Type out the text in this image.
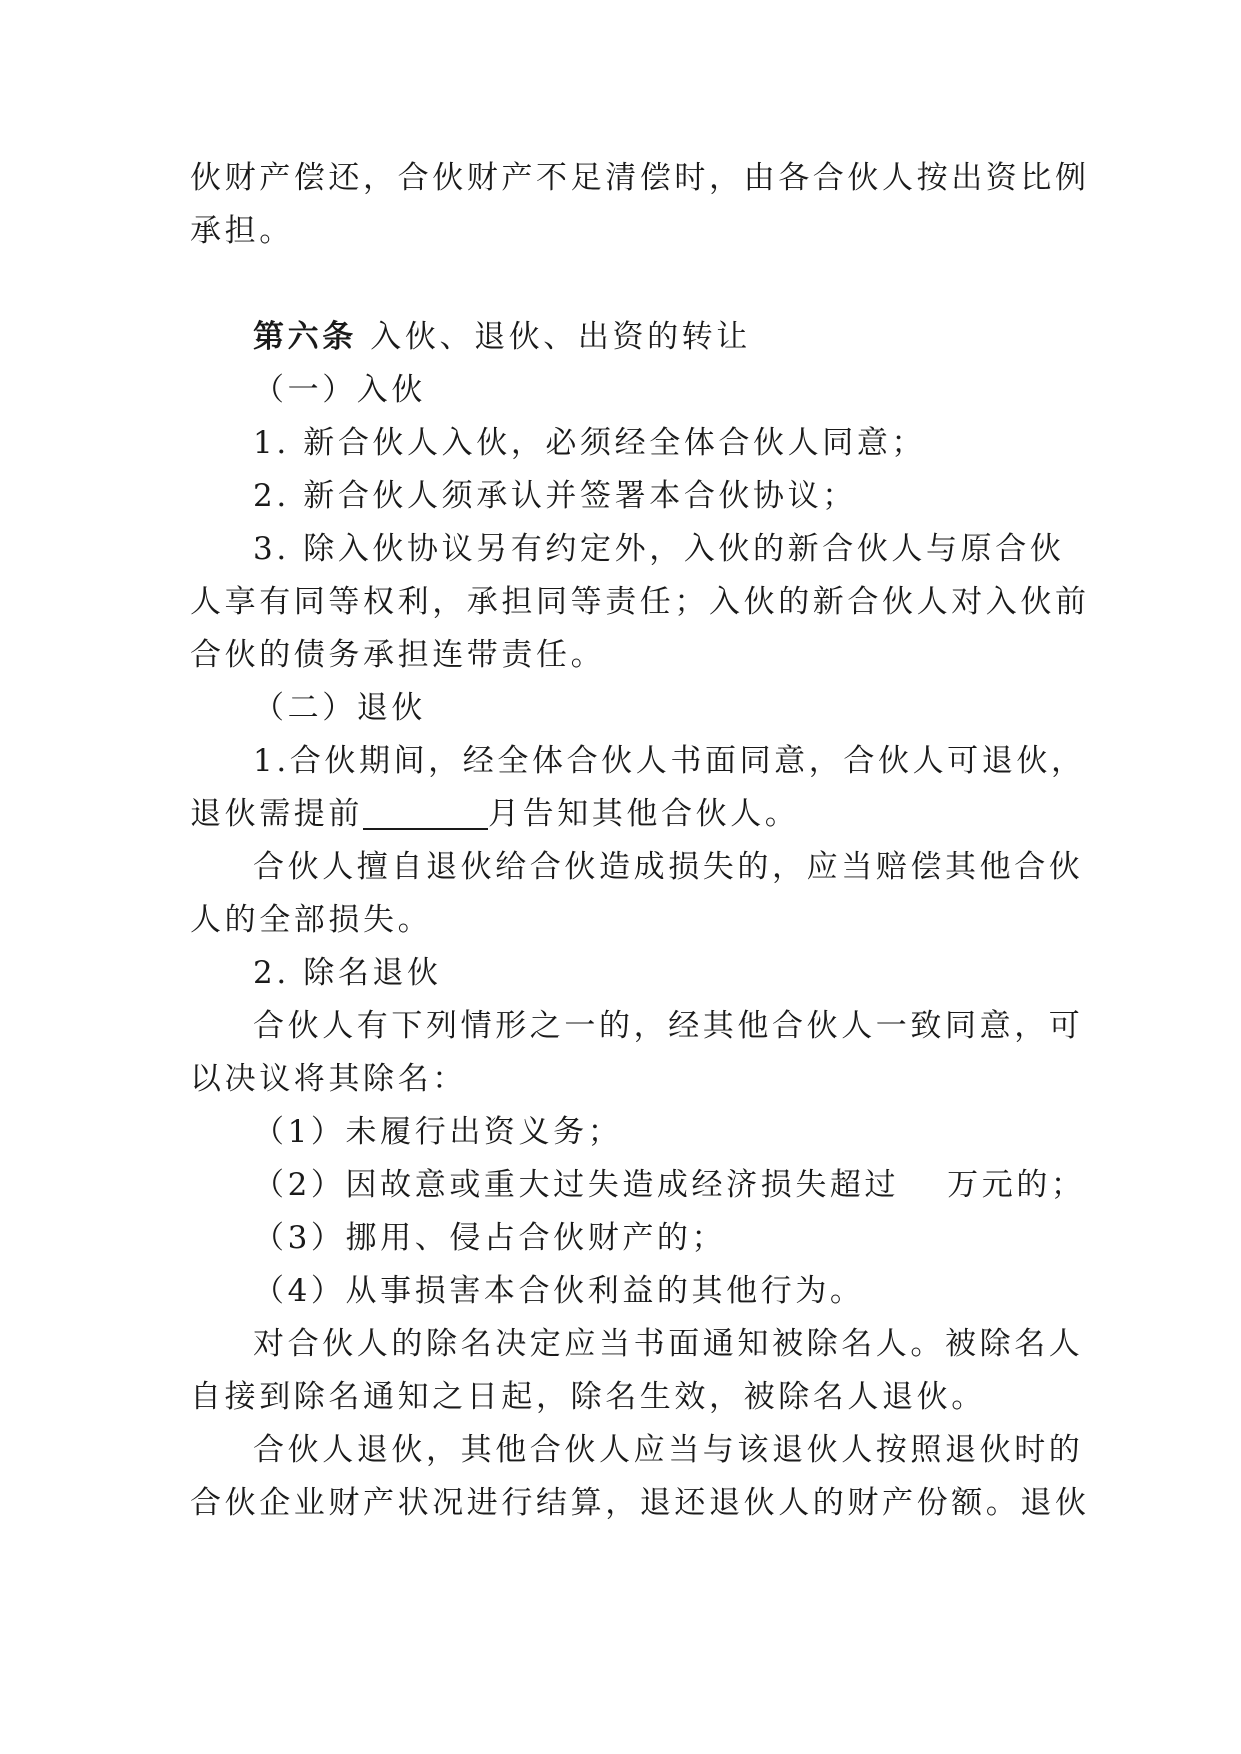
伙财产偿还，合伙财产不足清偿时，由各合伙人按出资比例

承担。

第六条 入伙、退伙、出资的转让

（一）入伙

1. 新合伙人入伙，必须经全体合伙人同意；

2. 新合伙人须承认并签署本合伙协议；

3. 除入伙协议另有约定外，入伙的新合伙人与原合伙

人享有同等权利，承担同等责任；入伙的新合伙人对入伙前

合伙的债务承担连带责任。

（二）退伙

1.合伙期间，经全体合伙人书面同意，合伙人可退伙，

退伙需提前	月告知其他合伙人。

合伙人擅自退伙给合伙造成损失的，应当赔偿其他合伙

人的全部损失。

2. 除名退伙

合伙人有下列情形之一的，经其他合伙人一致同意，可

以决议将其除名：

（1）未履行出资义务；

（2）因故意或重大过失造成经济损失超过 万元的；

（3）挪用、侵占合伙财产的；

（4）从事损害本合伙利益的其他行为。

对合伙人的除名决定应当书面通知被除名人。被除名人

自接到除名通知之日起，除名生效，被除名人退伙。

合伙人退伙，其他合伙人应当与该退伙人按照退伙时的

合伙企业财产状况进行结算，退还退伙人的财产份额。退伙
